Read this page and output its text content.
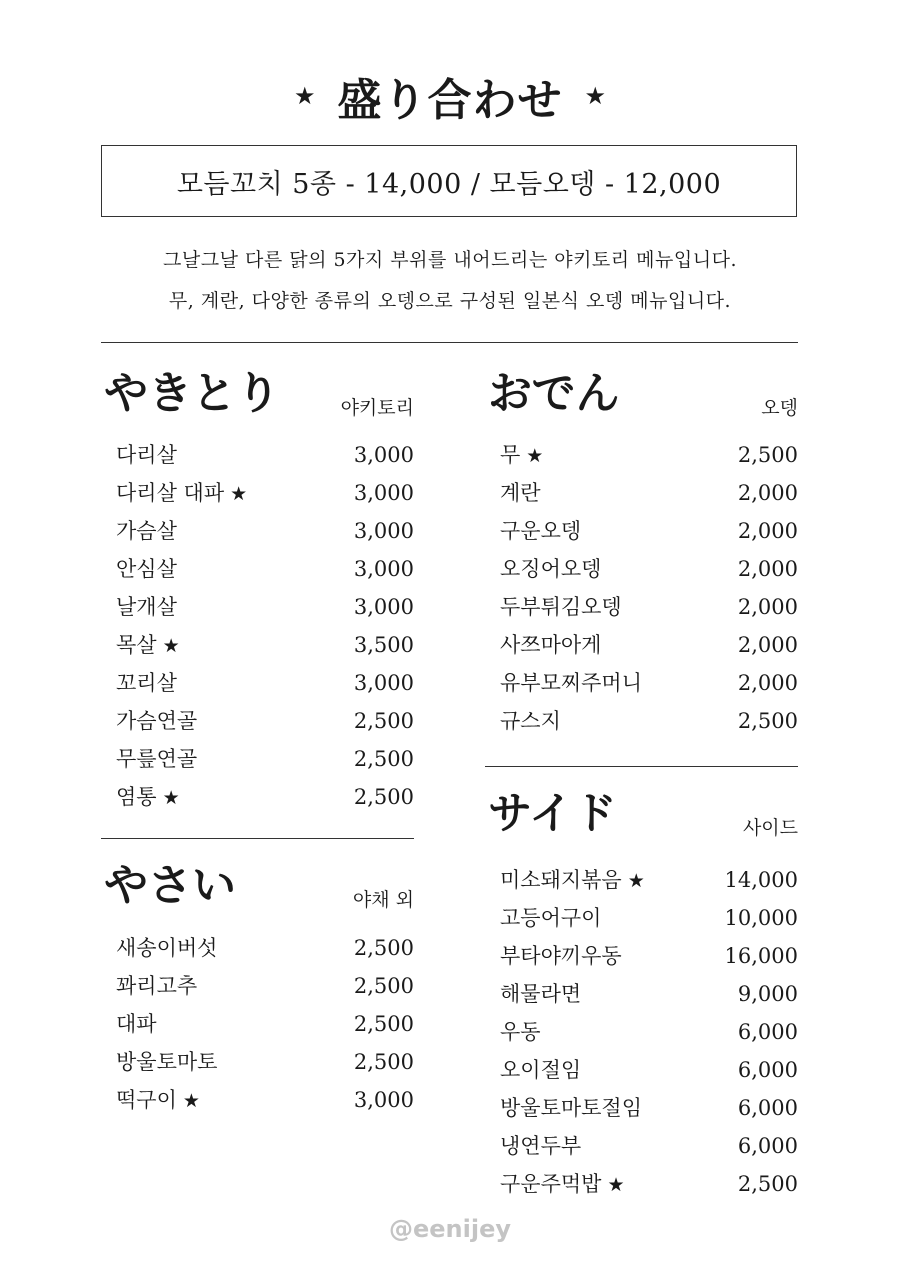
★ 盛り合わせ ★
모듬꼬치 5종 - 14,000 / 모듬오뎅 - 12,000
그날그날 다른 닭의 5가지 부위를 내어드리는 야키토리 메뉴입니다.
무, 계란, 다양한 종류의 오뎅으로 구성된 일본식 오뎅 메뉴입니다.
やきとり	야키토리
다리살	3,000
다리살 대파 ★	3,000
가슴살	3,000
안심살	3,000
날개살	3,000
목살 ★	3,500
꼬리살	3,000
가슴연골	2,500
무릎연골	2,500
염통 ★	2,500
やさい	야채 외
새송이버섯	2,500
꽈리고추	2,500
대파	2,500
방울토마토	2,500
떡구이 ★	3,000
おでん	오뎅
무 ★	2,500
계란	2,000
구운오뎅	2,000
오징어오뎅	2,000
두부튀김오뎅	2,000
사쯔마아게	2,000
유부모찌주머니	2,000
규스지	2,500
サイド	사이드
미소돼지볶음 ★	14,000
고등어구이	10,000
부타야끼우동	16,000
해물라면	9,000
우동	6,000
오이절임	6,000
방울토마토절임	6,000
냉연두부	6,000
구운주먹밥 ★	2,500
@eenijey
